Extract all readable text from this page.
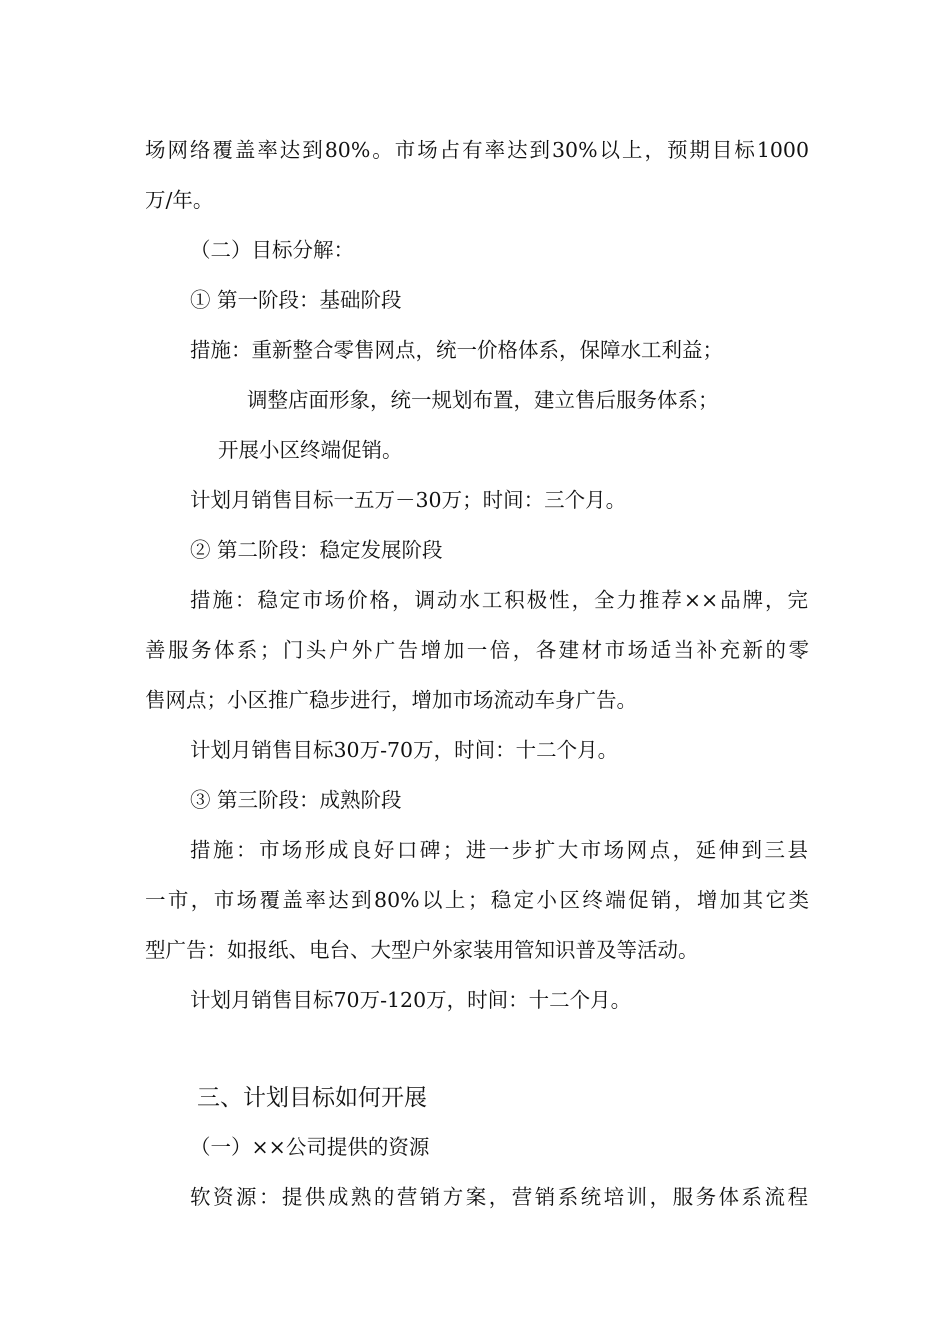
场网络覆盖率达到80%。市场占有率达到30%以上，预期目标1000
万/年。
（二）目标分解：
① 第一阶段：基础阶段
措施：重新整合零售网点，统一价格体系，保障水工利益；
调整店面形象，统一规划布置，建立售后服务体系；
开展小区终端促销。
计划月销售目标一五万－30万；时间：三个月。
② 第二阶段：稳定发展阶段
措施：稳定市场价格，调动水工积极性，全力推荐××品牌，完
善服务体系；门头户外广告增加一倍，各建材市场适当补充新的零
售网点；小区推广稳步进行，增加市场流动车身广告。
计划月销售目标30万-70万，时间：十二个月。
③ 第三阶段：成熟阶段
措施：市场形成良好口碑；进一步扩大市场网点，延伸到三县
一市，市场覆盖率达到80%以上；稳定小区终端促销，增加其它类
型广告：如报纸、电台、大型户外家装用管知识普及等活动。
计划月销售目标70万-120万，时间：十二个月。
三、计划目标如何开展
（一）××公司提供的资源
软资源：提供成熟的营销方案，营销系统培训，服务体系流程
